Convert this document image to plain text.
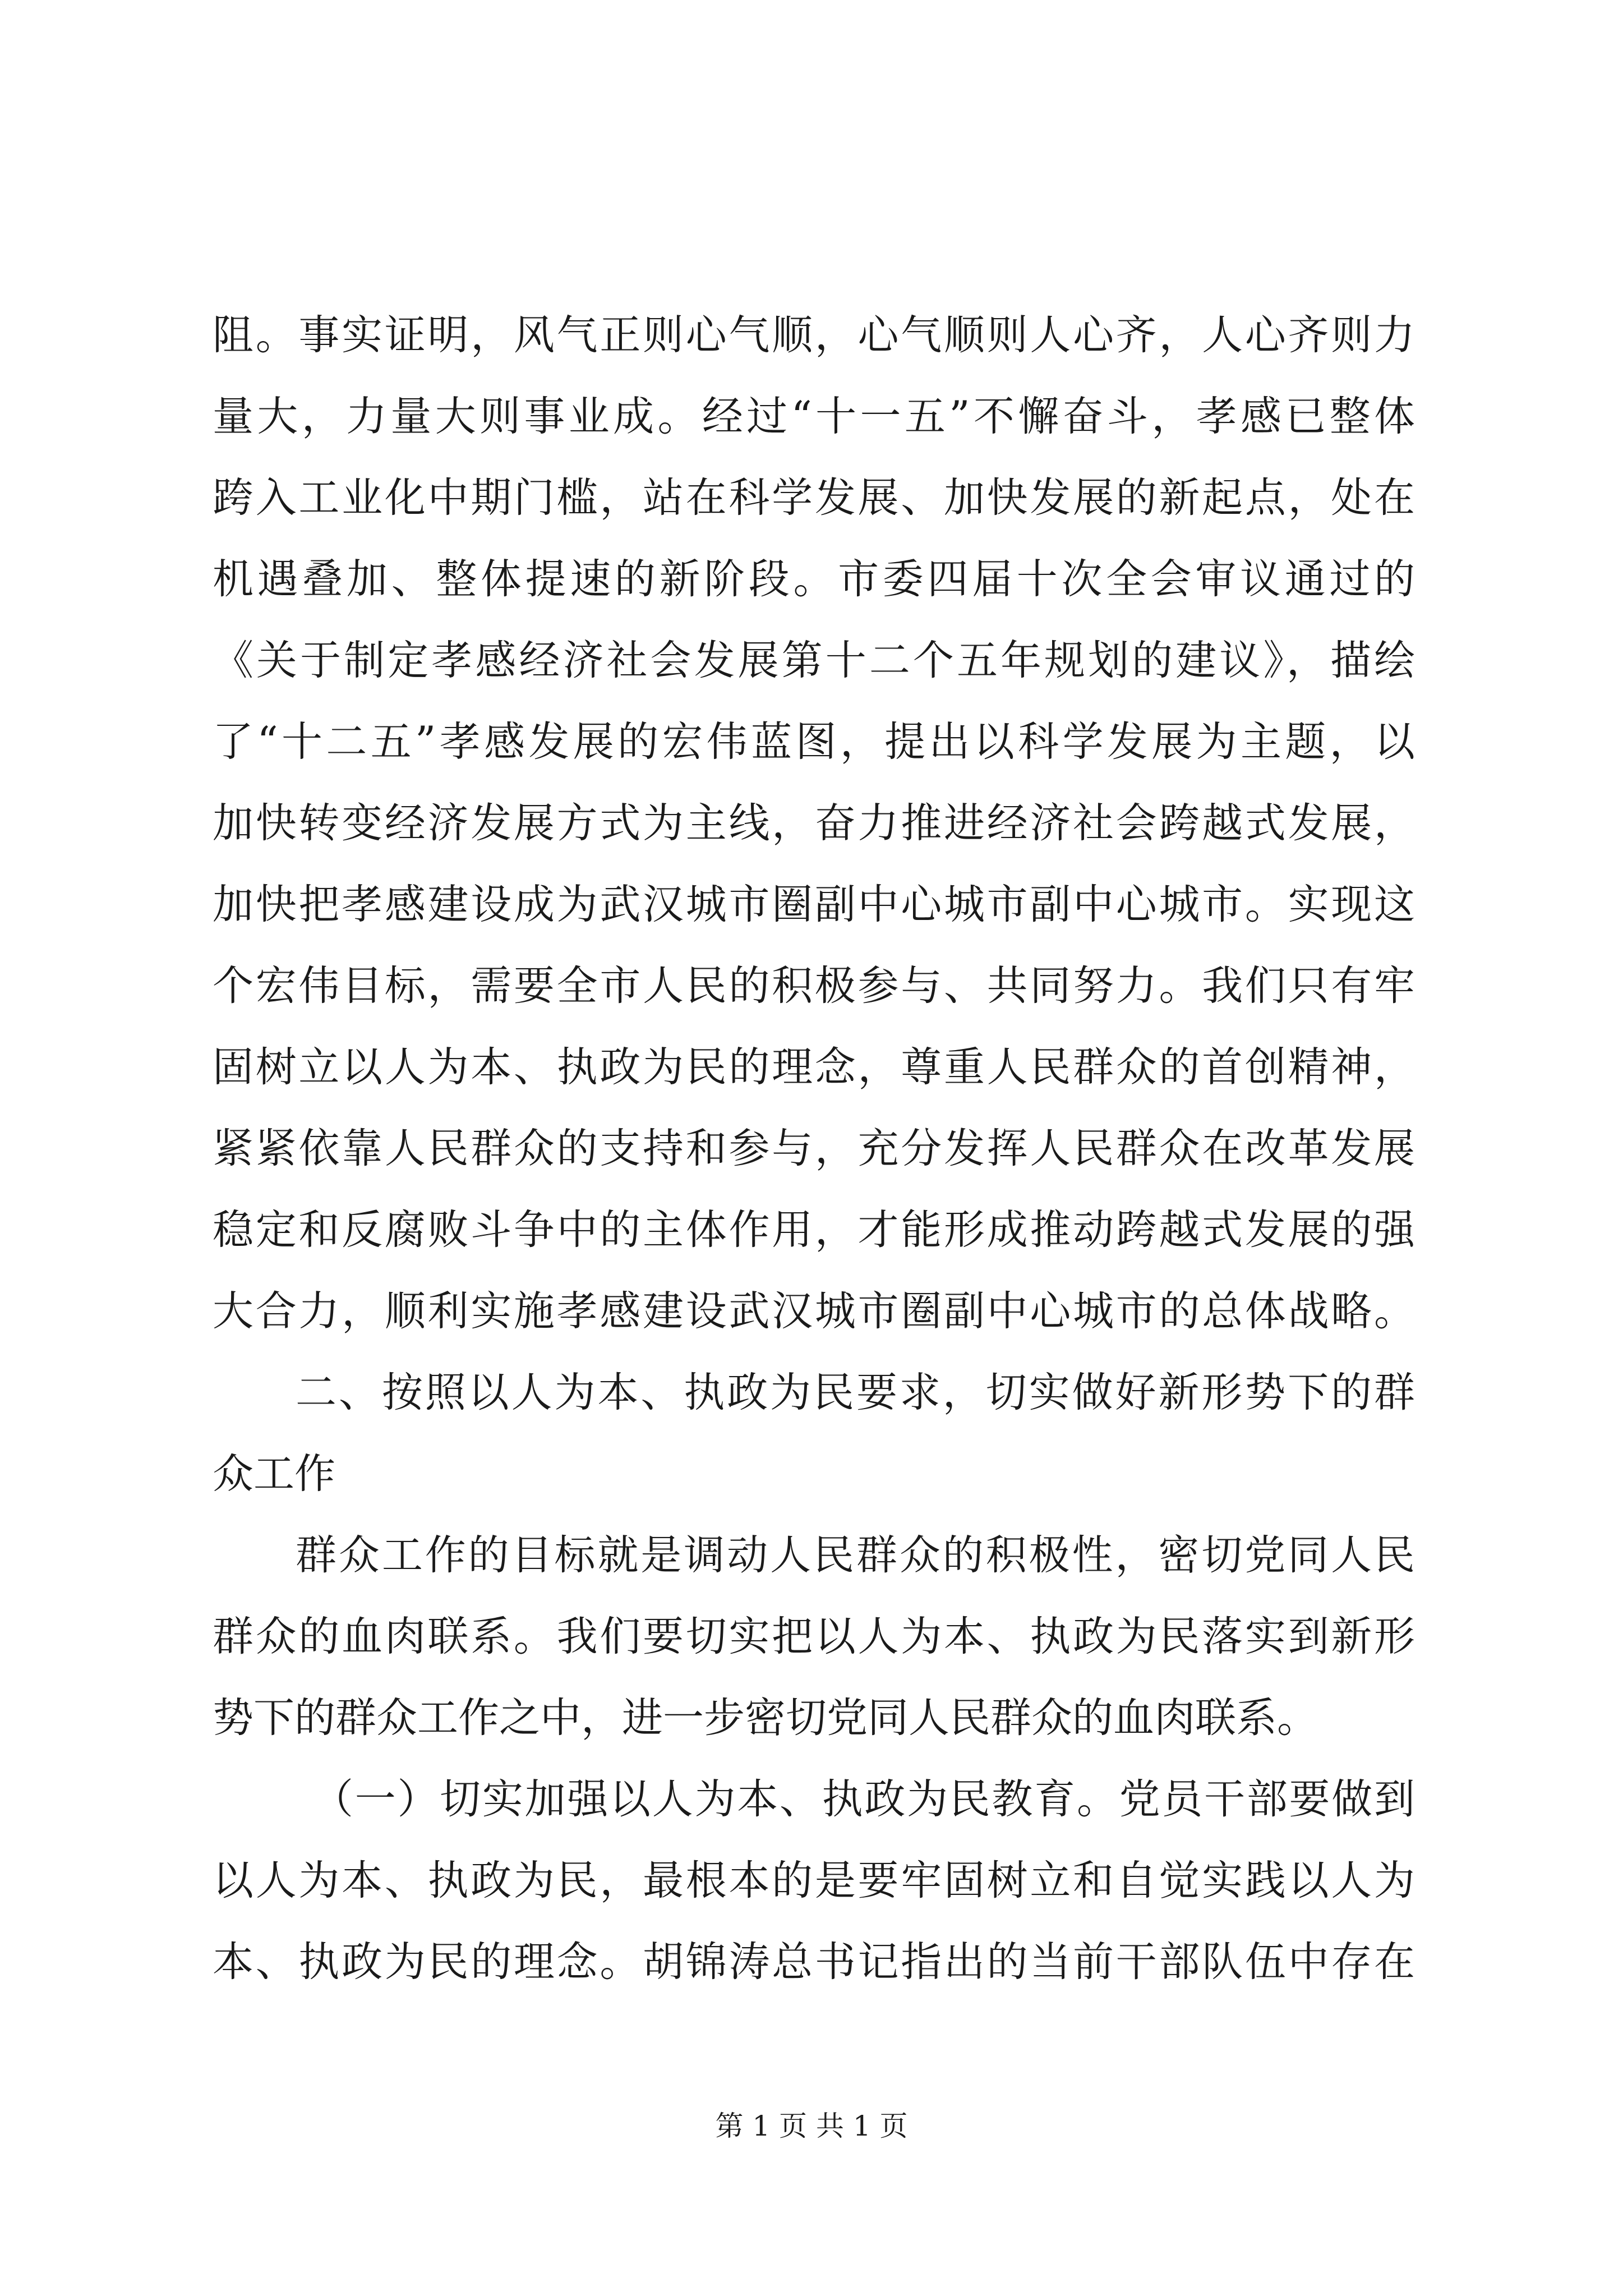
阻。事实证明，风气正则心气顺，心气顺则人心齐，人心齐则力
量大，力量大则事业成。经过“十一五”不懈奋斗，孝感已整体
跨入工业化中期门槛，站在科学发展、加快发展的新起点，处在
机遇叠加、整体提速的新阶段。市委四届十次全会审议通过的
《关于制定孝感经济社会发展第十二个五年规划的建议》，描绘
了“十二五”孝感发展的宏伟蓝图，提出以科学发展为主题，以
加快转变经济发展方式为主线，奋力推进经济社会跨越式发展，
加快把孝感建设成为武汉城市圈副中心城市副中心城市。实现这
个宏伟目标，需要全市人民的积极参与、共同努力。我们只有牢
固树立以人为本、执政为民的理念，尊重人民群众的首创精神，
紧紧依靠人民群众的支持和参与，充分发挥人民群众在改革发展
稳定和反腐败斗争中的主体作用，才能形成推动跨越式发展的强
大合力，顺利实施孝感建设武汉城市圈副中心城市的总体战略。
二、按照以人为本、执政为民要求，切实做好新形势下的群
众工作
群众工作的目标就是调动人民群众的积极性，密切党同人民
群众的血肉联系。我们要切实把以人为本、执政为民落实到新形
势下的群众工作之中，进一步密切党同人民群众的血肉联系。
（一）切实加强以人为本、执政为民教育。党员干部要做到
以人为本、执政为民，最根本的是要牢固树立和自觉实践以人为
本、执政为民的理念。胡锦涛总书记指出的当前干部队伍中存在
第 1 页 共 1 页
